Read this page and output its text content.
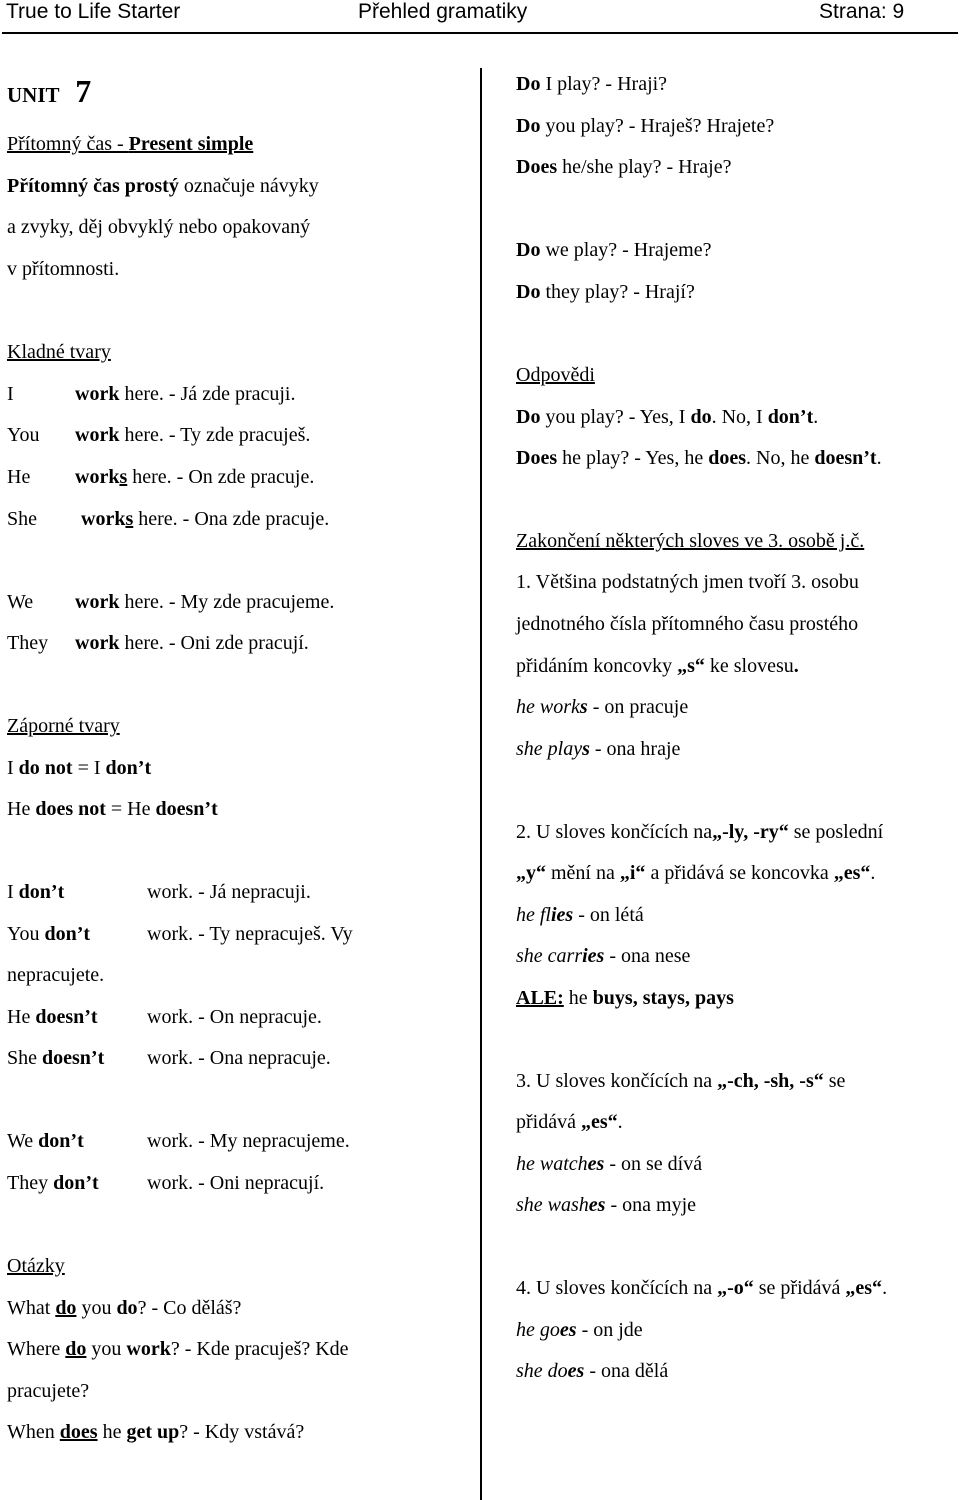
True to Life Starter	Přehled gramatiky	Strana: 9
UNIT 7
Přítomný čas - Present simple
Přítomný čas prostý označuje návyky
a zvyky, děj obvyklý nebo opakovaný
v přítomnosti.
Kladné tvary
I	work here. - Já zde pracuji.
You work here. - Ty zde pracuješ.
He works here. - On zde pracuje.
She works here. - Ona zde pracuje.
We work here. - My zde pracujeme.
They work here. - Oni zde pracují.
Záporné tvary
I do not = I don’t
He does not = He doesn’t
I don’t	work. - Já nepracuji.
You don’t	work. - Ty nepracuješ. Vy
nepracujete.
He doesn’t work. - On nepracuje.
She doesn’t work. - Ona nepracuje.
We don’t	work. - My nepracujeme.
They don’t work. - Oni nepracují.
Otázky
What do you do? - Co děláš?
Where do you work? - Kde pracuješ? Kde
pracujete?
When does he get up? - Kdy vstává?
Do I play? - Hraji?
Do you play? - Hraješ? Hrajete?
Does he/she play? - Hraje?
Do we play? - Hrajeme?
Do they play? - Hrají?
Odpovědi
Do you play? - Yes, I do. No, I don’t.
Does he play? - Yes, he does. No, he doesn’t.
Zakončení některých sloves ve 3. osobě j.č.
1. Většina podstatných jmen tvoří 3. osobu
jednotného čísla přítomného času prostého
přidáním koncovky „s“ ke slovesu.
he works - on pracuje
she plays - ona hraje
2. U sloves končících na„-ly, -ry“ se poslední
„y“ mění na „i“ a přidává se koncovka „es“.
he flies - on létá
she carries - ona nese
ALE: he buys, stays, pays
3. U sloves končících na „-ch, -sh, -s“ se
přidává „es“.
he watches - on se dívá
she washes - ona myje
4. U sloves končících na „-o“ se přidává „es“.
he goes - on jde
she does - ona dělá
